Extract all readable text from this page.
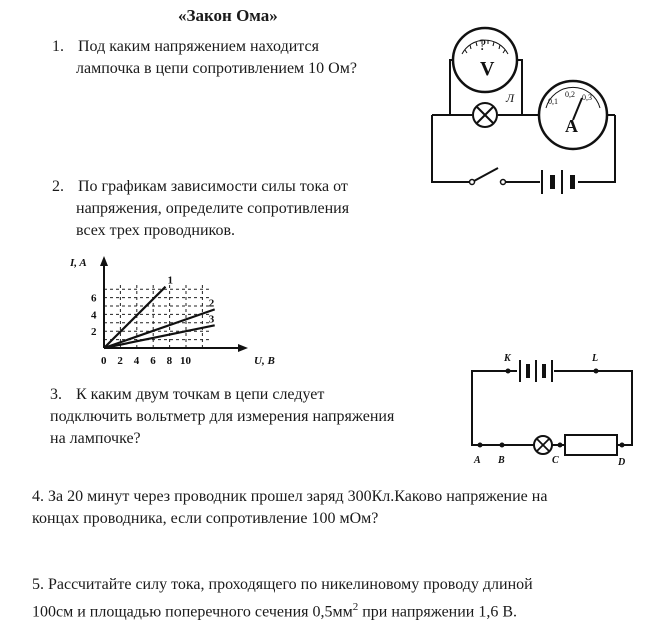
«Закон Ома»
1. Под каким напряжением находится
лампочка в цепи сопротивлением 10 Ом?	V
?
Л	0,1
0,2 0,3
A
2. По графикам зависимости силы тока от
напряжения, определите сопротивления
всех трех проводников.
1
2
3
0 2 4 6 8 10
2
4
6
U, B
I, A
3. К каким двум точкам в цепи следует
подключить вольтметр для измерения напряжения
на лампочке?
K	L
A B	C	D
4. За 20 минут через проводник прошел заряд 300Кл.Каково напряжение на
концах проводника, если сопротивление 100 мОм?
5. Рассчитайте силу тока, проходящего по никелиновому проводу длиной
100см и площадью поперечного сечения $0,5мм^2$ при напряжении 1,6 В.
